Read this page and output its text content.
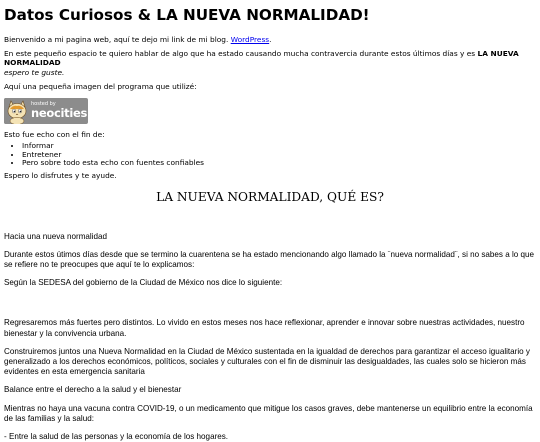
Datos Curiosos & LA NUEVA NORMALIDAD!

Bienvenido a mi pagina web, aquí te dejo mi link de mi blog. WordPress.

En este pequeño espacio te quiero hablar de algo que ha estado causando mucha contravercia durante estos últimos días y es LA NUEVA NORMALIDAD
espero te guste.

Aquí una pequeña imagen del programa que utilizé:

hosted by
neocities

Esto fue echo con el fin de:

• Informar
• Entretener
• Pero sobre todo esta echo con fuentes confiables

Espero lo disfrutes y te ayude.

LA NUEVA NORMALIDAD, QUÉ ES?

Hacia una nueva normalidad

Durante estos útimos días desde que se termino la cuarentena se ha estado mencionando algo llamado la ¨nueva normalidad¨, si no sabes a lo que se refiere no te preocupes que aquí te lo explicamos:

Según la SEDESA del gobierno de la Ciudad de México nos dice lo siguiente:

Regresaremos más fuertes pero distintos. Lo vivido en estos meses nos hace reflexionar, aprender e innovar sobre nuestras actividades, nuestro bienestar y la convivencia urbana.

Construiremos juntos una Nueva Normalidad en la Ciudad de México sustentada en la igualdad de derechos para garantizar el acceso igualitario y generalizado a los derechos económicos, políticos, sociales y culturales con el fin de disminuir las desigualdades, las cuales solo se hicieron más evidentes en esta emergencia sanitaria

Balance entre el derecho a la salud y el bienestar

Mientras no haya una vacuna contra COVID-19, o un medicamento que mitigue los casos graves, debe mantenerse un equilibrio entre la economía de las familias y la salud:

- Entre la salud de las personas y la economía de los hogares.
